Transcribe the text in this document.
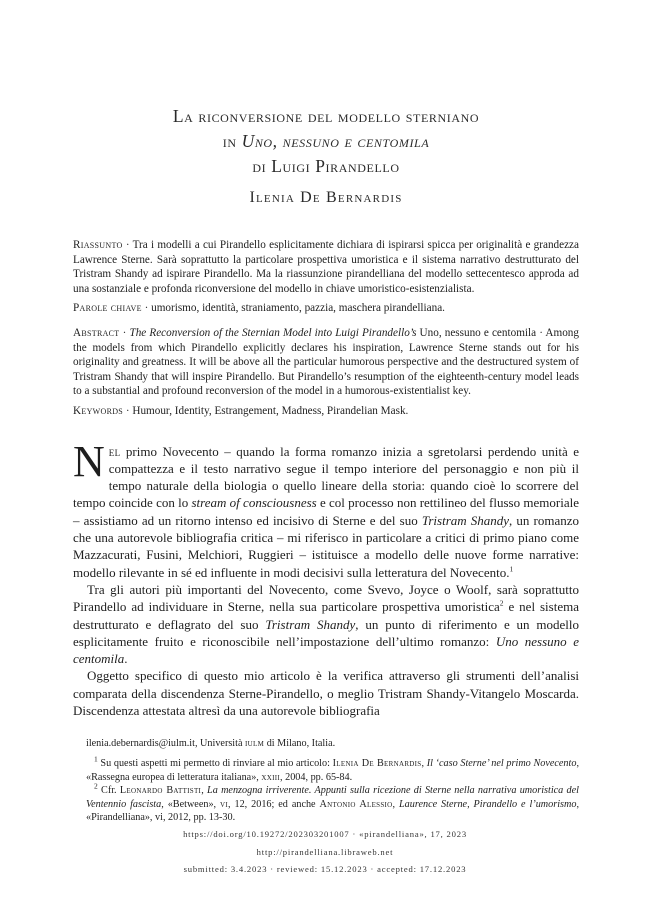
La riconversione del modello sterniano
in Uno, nessuno e centomila
di Luigi Pirandello
Ilenia De Bernardis

Riassunto · Tra i modelli a cui Pirandello esplicitamente dichiara di ispirarsi spicca per originalità e grandezza Lawrence Sterne. Sarà soprattutto la particolare prospettiva umoristica e il sistema narrativo destrutturato del Tristram Shandy ad ispirare Pirandello. Ma la riassunzione pirandelliana del modello settecentesco approda ad una sostanziale e profonda riconversione del modello in chiave umoristico-esistenzialista.

Parole chiave · umorismo, identità, straniamento, pazzia, maschera pirandelliana.

Abstract · The Reconversion of the Sternian Model into Luigi Pirandello’s Uno, nessuno e centomila · Among the models from which Pirandello explicitly declares his inspiration, Lawrence Sterne stands out for his originality and greatness. It will be above all the particular humorous perspective and the destructured system of Tristram Shandy that will inspire Pirandello. But Pirandello’s resumption of the eighteenth-century model leads to a substantial and profound reconversion of the model in a humorous-existentialist key.

Keywords · Humour, Identity, Estrangement, Madness, Pirandelian Mask.

Nel primo Novecento – quando la forma romanzo inizia a sgretolarsi perdendo unità e compattezza e il testo narrativo segue il tempo interiore del personaggio e non più il tempo naturale della biologia o quello lineare della storia: quando cioè lo scorrere del tempo coincide con lo stream of consciousness e col processo non rettilineo del flusso memoriale – assistiamo ad un ritorno intenso ed incisivo di Sterne e del suo Tristram Shandy, un romanzo che una autorevole bibliografia critica – mi riferisco in particolare a critici di primo piano come Mazzacurati, Fusini, Melchiori, Ruggieri – istituisce a modello delle nuove forme narrative: modello rilevante in sé ed influente in modi decisivi sulla letteratura del Novecento.$^1$

Tra gli autori più importanti del Novecento, come Svevo, Joyce o Woolf, sarà soprattutto Pirandello ad individuare in Sterne, nella sua particolare prospettiva umoristica$^2$ e nel sistema destrutturato e deflagrato del suo Tristram Shandy, un punto di riferimento e un modello esplicitamente fruito e riconoscibile nell’impostazione dell’ultimo romanzo: Uno nessuno e centomila.

Oggetto specifico di questo mio articolo è la verifica attraverso gli strumenti dell’analisi comparata della discendenza Sterne-Pirandello, o meglio Tristram Shandy-Vitangelo Moscarda. Discendenza attestata altresì da una autorevole bibliografia

ilenia.debernardis@iulm.it, Università iulm di Milano, Italia.

$^1$ Su questi aspetti mi permetto di rinviare al mio articolo: Ilenia De Bernardis, Il ‘caso Sterne’ nel primo Novecento, «Rassegna europea di letteratura italiana», xxiii, 2004, pp. 65-84.

$^2$ Cfr. Leonardo Battisti, La menzogna irriverente. Appunti sulla ricezione di Sterne nella narrativa umoristica del Ventennio fascista, «Between», vi, 12, 2016; ed anche Antonio Alessio, Laurence Sterne, Pirandello e l’umorismo, «Pirandelliana», vi, 2012, pp. 13-30.

https://doi.org/10.19272/202303201007 · «pirandelliana», 17, 2023
http://pirandelliana.libraweb.net
submitted: 3.4.2023 · reviewed: 15.12.2023 · accepted: 17.12.2023
